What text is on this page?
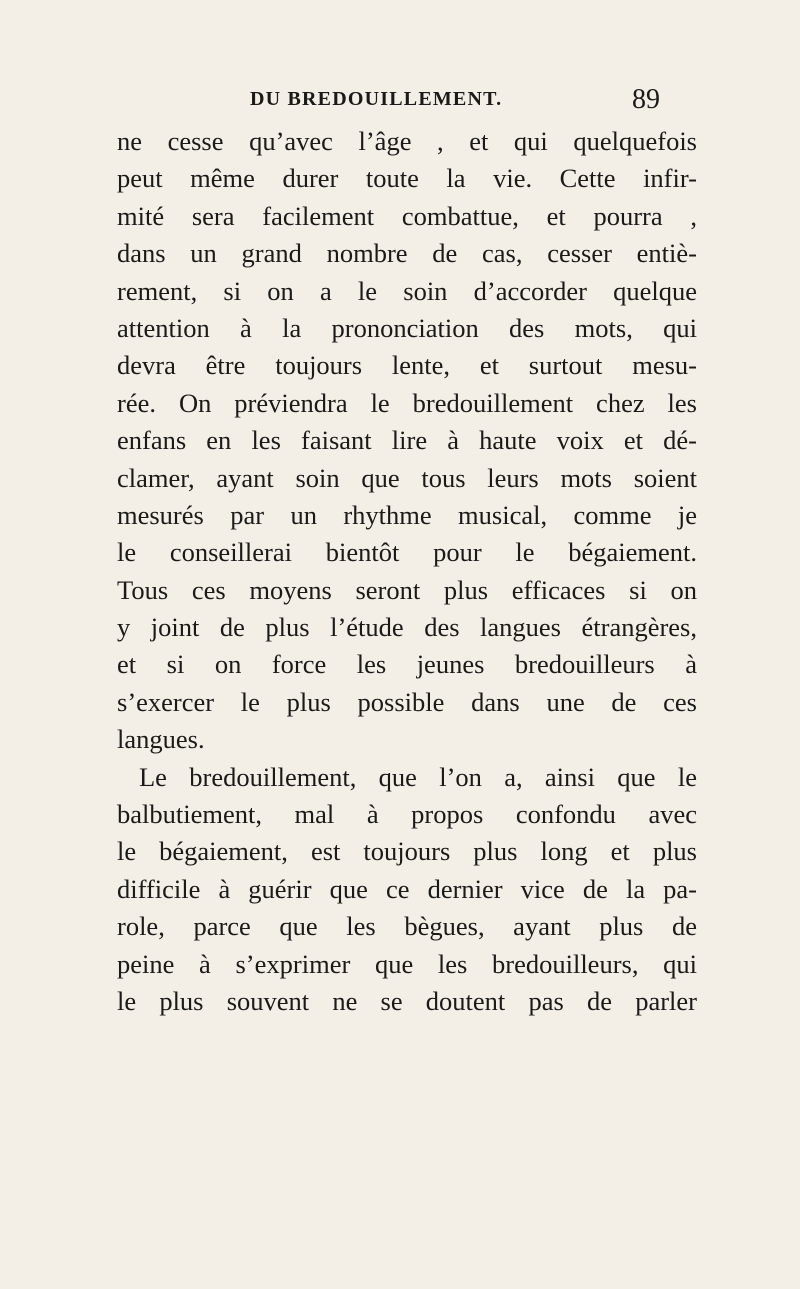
DU BREDOUILLEMENT.	89
ne cesse qu’avec l’âge , et qui quelquefois
peut même durer toute la vie. Cette infir-
mité sera facilement combattue, et pourra ,
dans un grand nombre de cas, cesser entiè-
rement, si on a le soin d’accorder quelque
attention à la prononciation des mots, qui
devra être toujours lente, et surtout mesu-
rée. On préviendra le bredouillement chez les
enfans en les faisant lire à haute voix et dé-
clamer, ayant soin que tous leurs mots soient
mesurés par un rhythme musical, comme je
le conseillerai bientôt pour le bégaiement.
Tous ces moyens seront plus efficaces si on
y joint de plus l’étude des langues étrangères,
et si on force les jeunes bredouilleurs à
s’exercer le plus possible dans une de ces
langues.
Le bredouillement, que l’on a, ainsi que le
balbutiement, mal à propos confondu avec
le bégaiement, est toujours plus long et plus
difficile à guérir que ce dernier vice de la pa-
role, parce que les bègues, ayant plus de
peine à s’exprimer que les bredouilleurs, qui
le plus souvent ne se doutent pas de parler
